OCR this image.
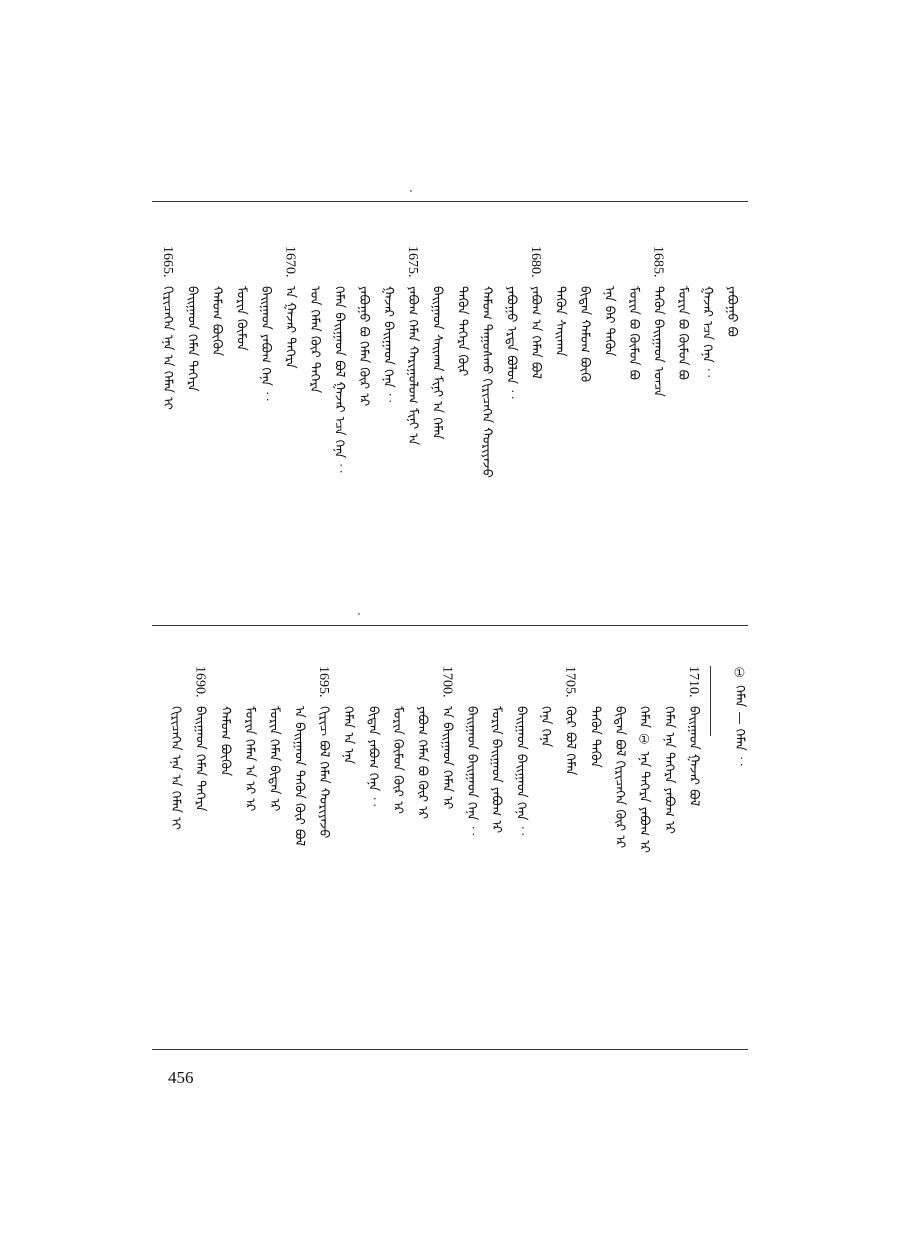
ᠶᠠᠪᠤᠭᠤ ᠪᠣ
ᠭᠠᠵᠠᠷ ᠡᠴᠡ ᠭᠡᠨᠡ ︰
ᠮᠣᠷᠢᠨ ᠪᠣ ᠬᠦᠮᠦᠨ ᠪᠣ
1685.ᠲᠡᠭᠦᠨ ᠪᠠᠢᠭᠠᠳ ᠣᠨᠴᠠ
ᠮᠣᠷᠢᠨ ᠪᠣ ᠬᠦᠮᠦᠨ ᠪᠣ
ᠡᠨᠡ ᠪᠡᠷ ᠲᠡᠭᠦᠨ
ᠪᠢᠳᠡᠨ ᠬᠠᠮᠤᠭ ᠪᠦᠬᠦ
ᠲᠡᠭᠦᠨ ᠰᠠᠢᠬᠠᠨ
1680.ᠶᠠᠪᠤᠭ ᠡᠨ ᠬᠡᠮᠡᠨ ᠪᠣᠯ
ᠶᠠᠪᠤᠭᠤ ᠡᠷᠲᠡ ᠪᠣᠯᠤᠨ ︰
ᠬᠠᠮᠤᠭ ᠳᠠᠭᠤᠰᠬᠤ ᠬᠢᠷᠢᠴᠡᠭᠡᠨ ᠬᠤᠷᠢᠶᠠᠵᠤ
ᠲᠡᠭᠦᠨ ᠳᠡᠭᠡᠷᠡ ᠬᠦᠷ
ᠪᠠᠢᠭᠠᠳ ᠰᠠᠢᠬᠠᠨ ᠮᠢᠨᠢ ᠡᠨ ᠬᠡᠮᠡᠨ
1675.ᠶᠠᠪᠤᠭ ᠬᠡᠮᠡᠨ ᠬᠠᠷᠢᠭᠤᠯᠤᠭ ᠮᠢᠨᠢ ᠡᠨ
ᠭᠠᠵᠠᠷ ᠪᠠᠢᠭᠠᠳ ᠭᠡᠨᠡ ︰
ᠶᠠᠪᠤᠭᠤ ᠪᠣ ᠬᠡᠮᠡᠨ ᠬᠦᠷ ᠡᠷ
ᠬᠡᠮᠡᠨ ᠪᠠᠢᠭᠠᠳ ᠪᠣᠯ ᠭᠠᠵᠠᠷ ᠡᠴᠡ ᠭᠡᠨᠡ ︰
ᠣᠨ ᠬᠡᠮᠡᠨ ᠬᠦᠷ ᠲᠡᠭᠡᠷᠡ
1670.ᠡᠨ ᠭᠠᠵᠠᠷ ᠳᠡᠭᠡᠷᠡ
ᠪᠠᠢᠭᠠᠳ ᠶᠠᠪᠤᠭ ᠭᠡᠨᠡ ︰
ᠮᠣᠷᠢᠨ ᠬᠦᠮᠦᠨ
ᠬᠠᠮᠤᠭ ᠪᠦᠬᠦᠨ
ᠪᠠᠢᠭᠠᠳ ᠬᠡᠮᠡᠨ ᠳᠡᠭᠡᠷᠡ
1665.ᠬᠢᠷᠢᠴᠡᠭᠡᠨ ᠡᠨᠡ ᠡᠨ ᠬᠡᠮᠡᠨ ᠢ
1710.ᠪᠠᠢᠭᠠᠳ ᠭᠠᠵᠠᠷ ᠪᠣᠯ
ᠬᠡᠮᠡᠨ ᠡᠨᠡ ᠲᠡᠭᠡᠷᠡ ᠶᠠᠪᠤᠭ ᠡᠷ
ᠬᠡᠮᠡᠨ ① ᠡᠨᠡ ᠲᠡᠭᠡᠷᠡ ᠶᠠᠪᠤᠭ ᠡᠷ
ᠪᠢᠳᠡᠨ ᠪᠣᠯ ᠬᠢᠷᠢᠴᠡᠭᠡᠨ ᠬᠦᠷ ᠡᠷ
ᠲᠡᠭᠦᠨ ᠲᠡᠭᠦᠨ
1705.ᠬᠦᠷ ᠪᠣᠯ ᠬᠡᠮᠡᠨ
ᠭᠡᠨᠡ ᠭᠡᠨᠡ
ᠪᠠᠢᠭᠠᠳ ᠪᠠᠢᠭᠠᠳ ᠭᠡᠨᠡ ︰
ᠮᠣᠷᠢᠨ ᠪᠠᠢᠭᠠᠳ ᠶᠠᠪᠤᠭ ᠡᠷ
ᠪᠠᠢᠭᠠᠳ ᠪᠠᠢᠭᠠᠳ ᠭᠡᠨᠡ ︰
1700.ᠡᠨ ᠪᠠᠢᠭᠠᠳ ᠬᠡᠮᠡᠨ ᠡᠷ
ᠶᠠᠪᠤᠭ ᠬᠡᠮᠡᠨ ᠪᠣ ᠬᠦᠷ ᠡᠷ
ᠮᠣᠷᠢᠨ ᠬᠦᠮᠦᠨ ᠬᠦᠷ ᠡᠷ
ᠪᠢᠳᠡᠨ ᠶᠠᠪᠤᠭ ᠭᠡᠨᠡ ︰
ᠬᠡᠮᠡᠨ ᠡᠨ ᠡᠨᠡ
1695.ᠬᠢᠷᠢᠴ ᠪᠣᠯ ᠬᠡᠮᠡᠨ ᠬᠤᠷᠢᠶᠠᠵᠤ
ᠡᠨ ᠪᠠᠢᠭᠠᠳ ᠲᠡᠭᠦᠨ ᠬᠦᠷ ᠪᠣᠯ
ᠮᠣᠷᠢᠨ ᠬᠡᠮᠡᠨ ᠪᠢᠳᠡᠨ ᠡᠷ
ᠮᠣᠷᠢᠨ ᠬᠡᠮᠡᠨ ᠡᠨ ᠡᠷ ᠡᠷ
ᠬᠠᠮᠤᠭ ᠪᠦᠬᠦᠨ
1690.ᠪᠠᠢᠭᠠᠳ ᠬᠡᠮᠡᠨ ᠳᠡᠭᠡᠷᠡ
ᠬᠢᠷᠢᠴᠡᠭᠡᠨ ᠡᠨᠡ ᠡᠨ ᠬᠡᠮᠡᠨ ᠢ	① ᠬᠡᠮᠡᠨ — ᠬᠡᠮᠡᠨ ︰
456
